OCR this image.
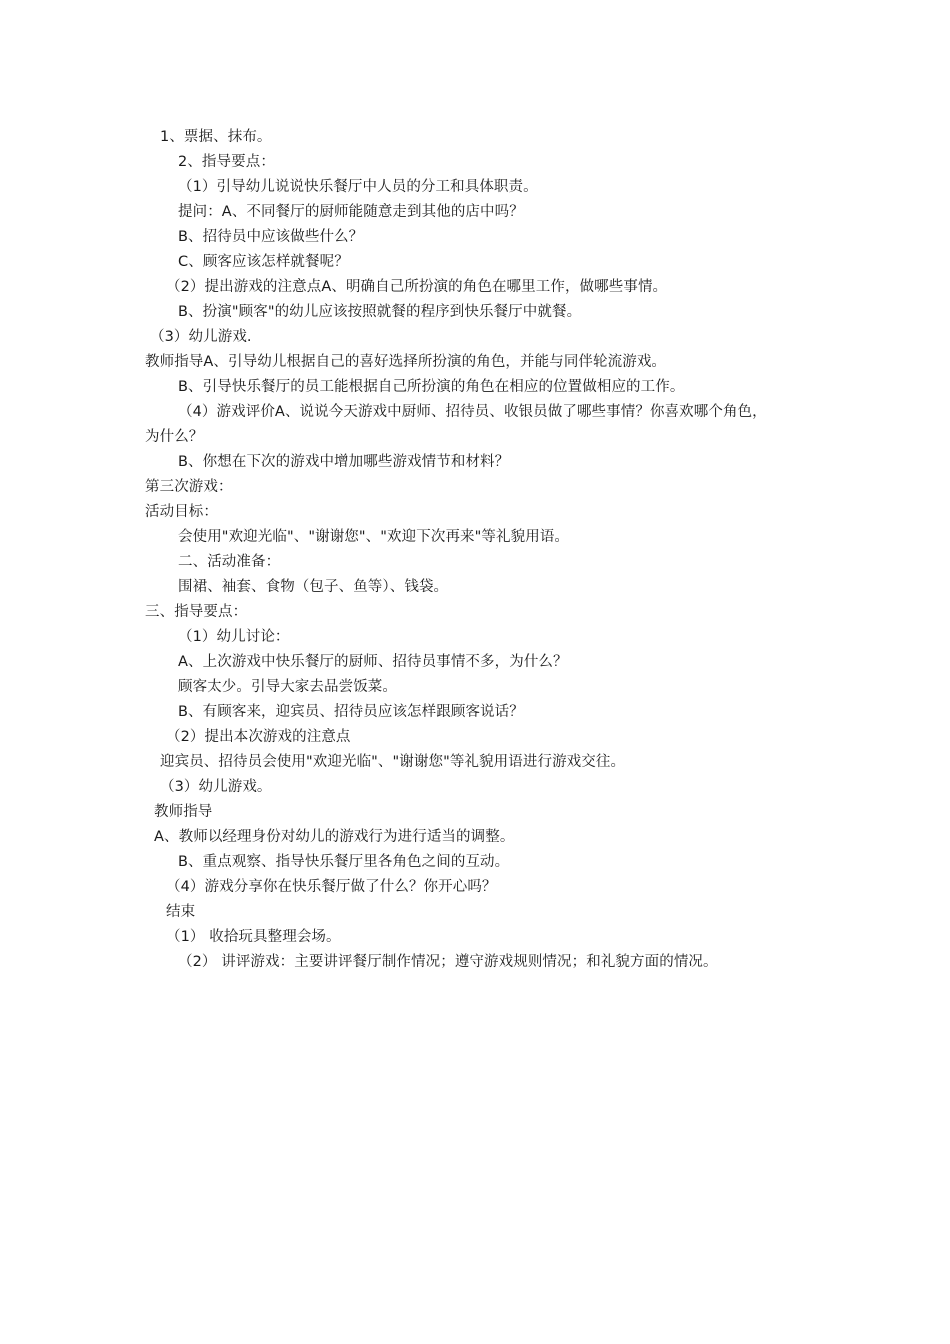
1、票据、抹布。
2、指导要点：
（1）引导幼儿说说快乐餐厅中人员的分工和具体职责。
提问：A、不同餐厅的厨师能随意走到其他的店中吗？
B、招待员中应该做些什么？
C、顾客应该怎样就餐呢？
（2）提出游戏的注意点A、明确自己所扮演的角色在哪里工作，做哪些事情。
B、扮演"顾客"的幼儿应该按照就餐的程序到快乐餐厅中就餐。
（3）幼儿游戏.
教师指导A、引导幼儿根据自己的喜好选择所扮演的角色，并能与同伴轮流游戏。
B、引导快乐餐厅的员工能根据自己所扮演的角色在相应的位置做相应的工作。
（4）游戏评价A、说说今天游戏中厨师、招待员、收银员做了哪些事情？你喜欢哪个角色，
为什么？
B、你想在下次的游戏中增加哪些游戏情节和材料？
第三次游戏：
活动目标：
会使用"欢迎光临"、"谢谢您"、"欢迎下次再来"等礼貌用语。
二、活动准备：
围裙、袖套、食物（包子、鱼等）、钱袋。
三、指导要点：
（1）幼儿讨论：
A、上次游戏中快乐餐厅的厨师、招待员事情不多，为什么？
顾客太少。引导大家去品尝饭菜。
B、有顾客来，迎宾员、招待员应该怎样跟顾客说话？
（2）提出本次游戏的注意点
迎宾员、招待员会使用"欢迎光临"、"谢谢您"等礼貌用语进行游戏交往。
（3）幼儿游戏。
教师指导
A、教师以经理身份对幼儿的游戏行为进行适当的调整。
B、重点观察、指导快乐餐厅里各角色之间的互动。
（4）游戏分享你在快乐餐厅做了什么？你开心吗？
结束
（1） 收拾玩具整理会场。
（2） 讲评游戏：主要讲评餐厅制作情况；遵守游戏规则情况；和礼貌方面的情况。
